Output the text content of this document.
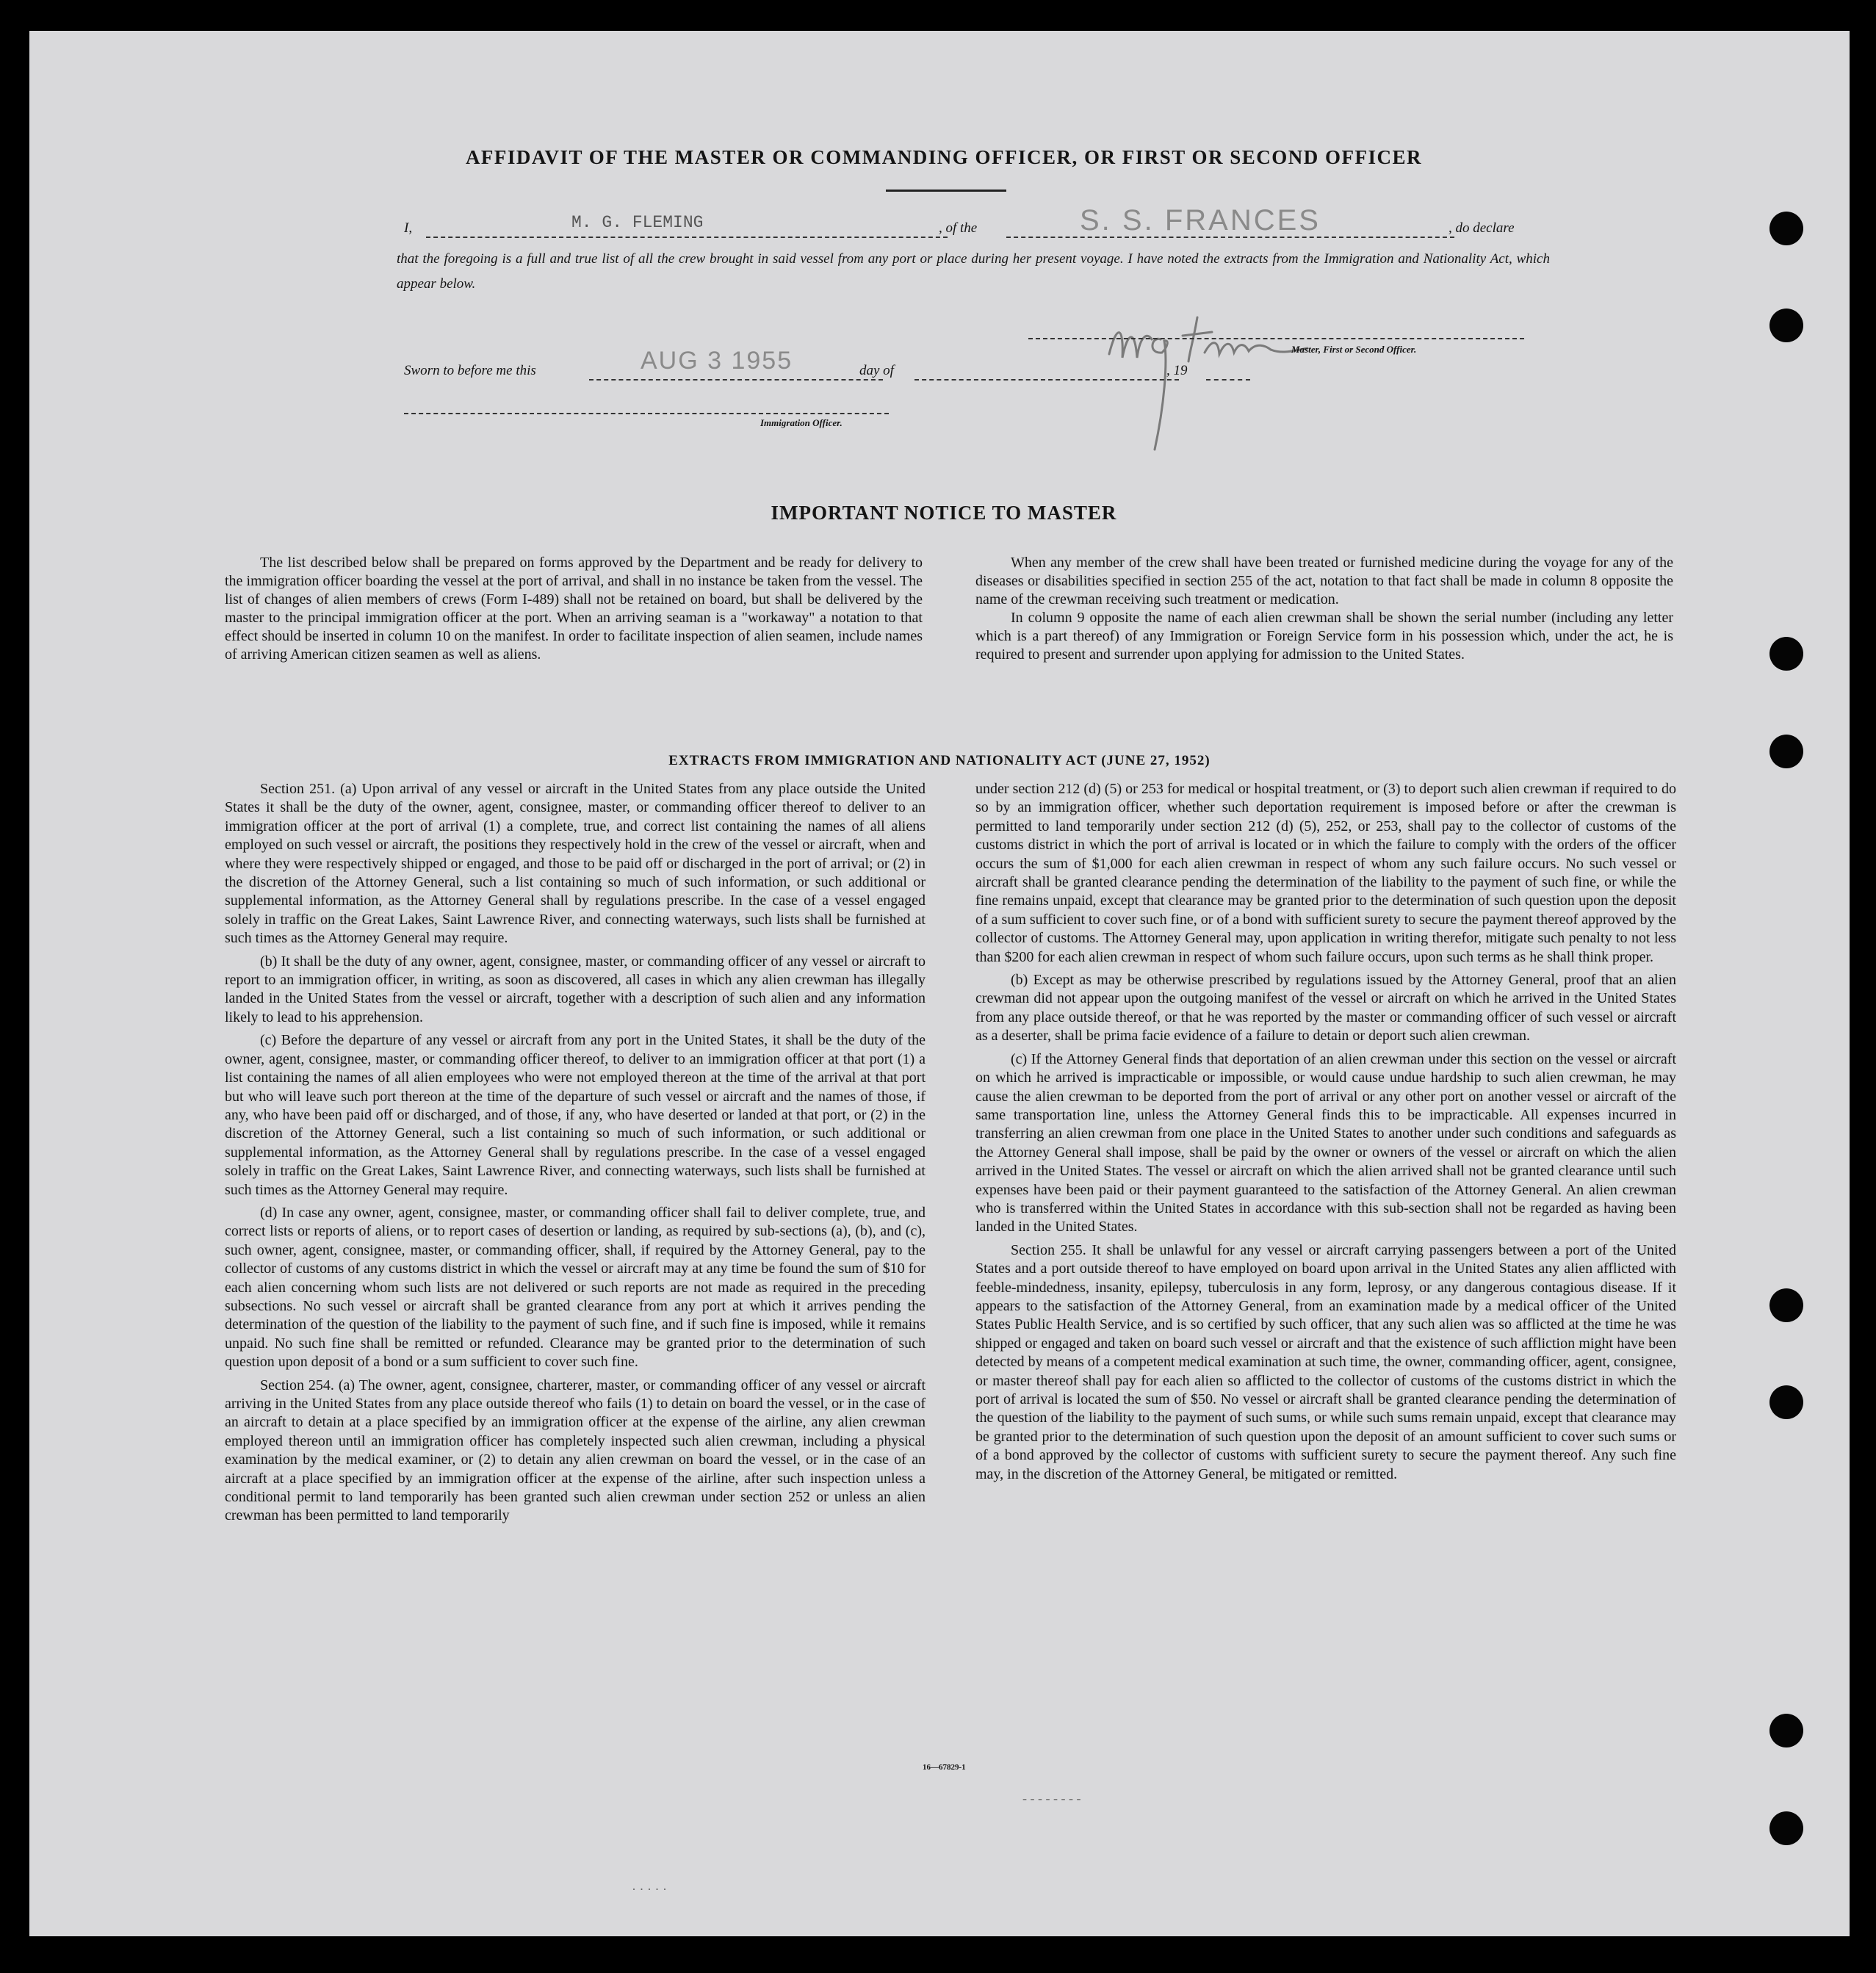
AFFIDAVIT OF THE MASTER OR COMMANDING OFFICER, OR FIRST OR SECOND OFFICER
I,	M. G. FLEMING	, of the	S. S. FRANCES	, do declare
that the foregoing is a full and true list of all the crew brought in said vessel from any port or place during her present voyage. I have noted the extracts from the Immigration and Nationality Act, which appear below.
Master, First or Second Officer.
Sworn to before me this	AUG 3 1955	day of	, 19
Immigration Officer.
IMPORTANT NOTICE TO MASTER

The list described below shall be prepared on forms approved by the Department and be ready for delivery to the immigration officer boarding the vessel at the port of arrival, and shall in no instance be taken from the vessel. The list of changes of alien members of crews (Form I-489) shall not be retained on board, but shall be delivered by the master to the principal immigration officer at the port. When an arriving seaman is a "workaway" a notation to that effect should be inserted in column 10 on the manifest. In order to facilitate inspection of alien seamen, include names of arriving American citizen seamen as well as aliens.

When any member of the crew shall have been treated or furnished medicine during the voyage for any of the diseases or disabilities specified in section 255 of the act, notation to that fact shall be made in column 8 opposite the name of the crewman receiving such treatment or medication.

In column 9 opposite the name of each alien crewman shall be shown the serial number (including any letter which is a part thereof) of any Immigration or Foreign Service form in his possession which, under the act, he is required to present and surrender upon applying for admission to the United States.

EXTRACTS FROM IMMIGRATION AND NATIONALITY ACT (JUNE 27, 1952)

Section 251. (a) Upon arrival of any vessel or aircraft in the United States from any place outside the United States it shall be the duty of the owner, agent, consignee, master, or commanding officer thereof to deliver to an immigration officer at the port of arrival (1) a complete, true, and correct list containing the names of all aliens employed on such vessel or aircraft, the positions they respectively hold in the crew of the vessel or aircraft, when and where they were respectively shipped or engaged, and those to be paid off or discharged in the port of arrival; or (2) in the discretion of the Attorney General, such a list containing so much of such information, or such additional or supplemental information, as the Attorney General shall by regulations prescribe. In the case of a vessel engaged solely in traffic on the Great Lakes, Saint Lawrence River, and connecting waterways, such lists shall be furnished at such times as the Attorney General may require.

(b) It shall be the duty of any owner, agent, consignee, master, or commanding officer of any vessel or aircraft to report to an immigration officer, in writing, as soon as discovered, all cases in which any alien crewman has illegally landed in the United States from the vessel or aircraft, together with a description of such alien and any information likely to lead to his apprehension.

(c) Before the departure of any vessel or aircraft from any port in the United States, it shall be the duty of the owner, agent, consignee, master, or commanding officer thereof, to deliver to an immigration officer at that port (1) a list containing the names of all alien employees who were not employed thereon at the time of the arrival at that port but who will leave such port thereon at the time of the departure of such vessel or aircraft and the names of those, if any, who have been paid off or discharged, and of those, if any, who have deserted or landed at that port, or (2) in the discretion of the Attorney General, such a list containing so much of such information, or such additional or supplemental information, as the Attorney General shall by regulations prescribe. In the case of a vessel engaged solely in traffic on the Great Lakes, Saint Lawrence River, and connecting waterways, such lists shall be furnished at such times as the Attorney General may require.

(d) In case any owner, agent, consignee, master, or commanding officer shall fail to deliver complete, true, and correct lists or reports of aliens, or to report cases of desertion or landing, as required by sub-sections (a), (b), and (c), such owner, agent, consignee, master, or commanding officer, shall, if required by the Attorney General, pay to the collector of customs of any customs district in which the vessel or aircraft may at any time be found the sum of $10 for each alien concerning whom such lists are not delivered or such reports are not made as required in the preceding subsections. No such vessel or aircraft shall be granted clearance from any port at which it arrives pending the determination of the question of the liability to the payment of such fine, and if such fine is imposed, while it remains unpaid. No such fine shall be remitted or refunded. Clearance may be granted prior to the determination of such question upon deposit of a bond or a sum sufficient to cover such fine.

Section 254. (a) The owner, agent, consignee, charterer, master, or commanding officer of any vessel or aircraft arriving in the United States from any place outside thereof who fails (1) to detain on board the vessel, or in the case of an aircraft to detain at a place specified by an immigration officer at the expense of the airline, any alien crewman employed thereon until an immigration officer has completely inspected such alien crewman, including a physical examination by the medical examiner, or (2) to detain any alien crewman on board the vessel, or in the case of an aircraft at a place specified by an immigration officer at the expense of the airline, after such inspection unless a conditional permit to land temporarily has been granted such alien crewman under section 252 or unless an alien crewman has been permitted to land temporarily

under section 212 (d) (5) or 253 for medical or hospital treatment, or (3) to deport such alien crewman if required to do so by an immigration officer, whether such deportation requirement is imposed before or after the crewman is permitted to land temporarily under section 212 (d) (5), 252, or 253, shall pay to the collector of customs of the customs district in which the port of arrival is located or in which the failure to comply with the orders of the officer occurs the sum of $1,000 for each alien crewman in respect of whom any such failure occurs. No such vessel or aircraft shall be granted clearance pending the determination of the liability to the payment of such fine, or while the fine remains unpaid, except that clearance may be granted prior to the determination of such question upon the deposit of a sum sufficient to cover such fine, or of a bond with sufficient surety to secure the payment thereof approved by the collector of customs. The Attorney General may, upon application in writing therefor, mitigate such penalty to not less than $200 for each alien crewman in respect of whom such failure occurs, upon such terms as he shall think proper.

(b) Except as may be otherwise prescribed by regulations issued by the Attorney General, proof that an alien crewman did not appear upon the outgoing manifest of the vessel or aircraft on which he arrived in the United States from any place outside thereof, or that he was reported by the master or commanding officer of such vessel or aircraft as a deserter, shall be prima facie evidence of a failure to detain or deport such alien crewman.

(c) If the Attorney General finds that deportation of an alien crewman under this section on the vessel or aircraft on which he arrived is impracticable or impossible, or would cause undue hardship to such alien crewman, he may cause the alien crewman to be deported from the port of arrival or any other port on another vessel or aircraft of the same transportation line, unless the Attorney General finds this to be impracticable. All expenses incurred in transferring an alien crewman from one place in the United States to another under such conditions and safeguards as the Attorney General shall impose, shall be paid by the owner or owners of the vessel or aircraft on which the alien arrived in the United States. The vessel or aircraft on which the alien arrived shall not be granted clearance until such expenses have been paid or their payment guaranteed to the satisfaction of the Attorney General. An alien crewman who is transferred within the United States in accordance with this sub-section shall not be regarded as having been landed in the United States.

Section 255. It shall be unlawful for any vessel or aircraft carrying passengers between a port of the United States and a port outside thereof to have employed on board upon arrival in the United States any alien afflicted with feeble-mindedness, insanity, epilepsy, tuberculosis in any form, leprosy, or any dangerous contagious disease. If it appears to the satisfaction of the Attorney General, from an examination made by a medical officer of the United States Public Health Service, and is so certified by such officer, that any such alien was so afflicted at the time he was shipped or engaged and taken on board such vessel or aircraft and that the existence of such affliction might have been detected by means of a competent medical examination at such time, the owner, commanding officer, agent, consignee, or master thereof shall pay for each alien so afflicted to the collector of customs of the customs district in which the port of arrival is located the sum of $50. No vessel or aircraft shall be granted clearance pending the determination of the question of the liability to the payment of such sums, or while such sums remain unpaid, except that clearance may be granted prior to the determination of such question upon the deposit of an amount sufficient to cover such sums or of a bond approved by the collector of customs with sufficient surety to secure the payment thereof. Any such fine may, in the discretion of the Attorney General, be mitigated or remitted.

16—67829-1
- - - - - - - -
· · · · ·
